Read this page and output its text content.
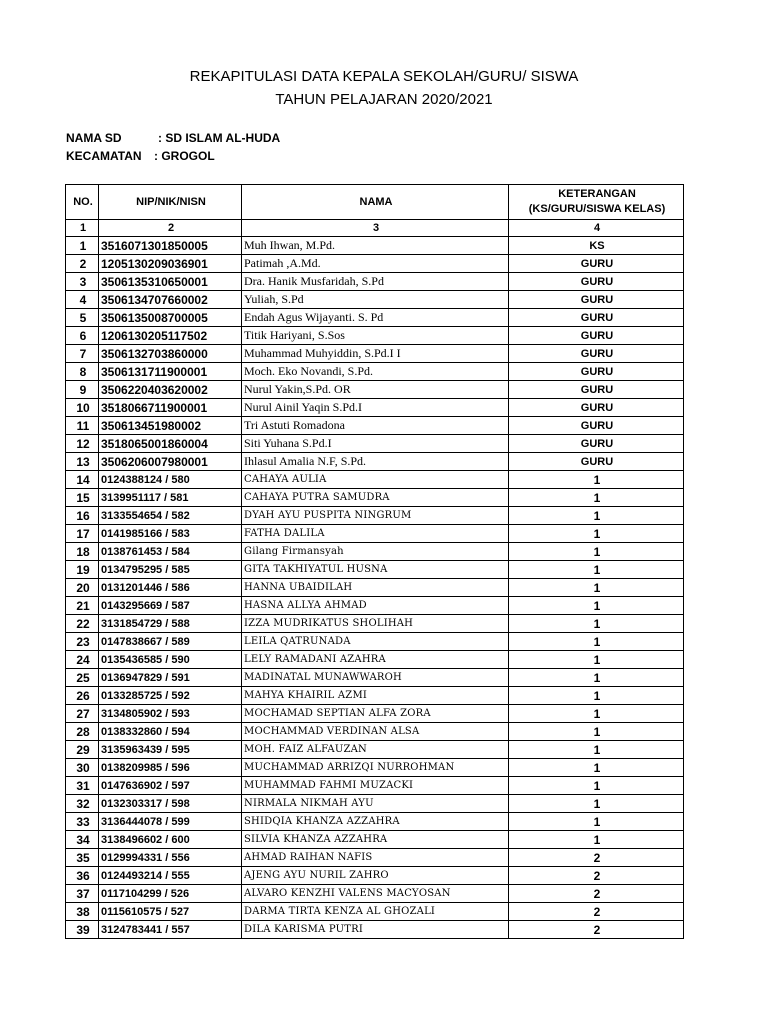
REKAPITULASI DATA KEPALA SEKOLAH/GURU/ SISWA
TAHUN PELAJARAN 2020/2021
NAMA SD	: SD ISLAM AL-HUDA
KECAMATAN : GROGOL
NO.	NIP/NIK/NISN	NAMA	KETERANGAN
(KS/GURU/SISWA KELAS)

1	2	3	4
1	3516071301850005	Muh Ihwan, M.Pd.	KS
2	1205130209036901	Patimah ,A.Md.	GURU
3	3506135310650001	Dra. Hanik Musfaridah, S.Pd	GURU
4	3506134707660002	Yuliah, S.Pd	GURU
5	3506135008700005	Endah Agus Wijayanti. S. Pd	GURU
6	1206130205117502	Titik Hariyani, S.Sos	GURU
7	3506132703860000	Muhammad Muhyiddin, S.Pd.I I	GURU
8	3506131711900001	Moch. Eko Novandi, S.Pd.	GURU
9	3506220403620002	Nurul Yakin,S.Pd. OR	GURU
10	3518066711900001	Nurul Ainil Yaqin S.Pd.I	GURU
11	350613451980002	Tri Astuti Romadona	GURU
12	3518065001860004	Siti Yuhana S.Pd.I	GURU
13	3506206007980001	Ihlasul Amalia N.F, S.Pd.	GURU
14	0124388124 / 580	CAHAYA AULIA	1
15	3139951117 / 581	CAHAYA PUTRA SAMUDRA	1
16	3133554654 / 582	DYAH AYU PUSPITA NINGRUM	1
17	0141985166 / 583	FATHA DALILA	1
18	0138761453 / 584	Gilang Firmansyah	1
19	0134795295 / 585	GITA TAKHIYATUL HUSNA	1
20	0131201446 / 586	HANNA UBAIDILAH	1
21	0143295669 / 587	HASNA ALLYA AHMAD	1
22	3131854729 / 588	IZZA MUDRIKATUS SHOLIHAH	1
23	0147838667 / 589	LEILA QATRUNADA	1
24	0135436585 / 590	LELY RAMADANI AZAHRA	1
25	0136947829 / 591	MADINATAL MUNAWWAROH	1
26	0133285725 / 592	MAHYA KHAIRIL AZMI	1
27	3134805902 / 593	MOCHAMAD SEPTIAN ALFA ZORA	1
28	0138332860 / 594	MOCHAMMAD VERDINAN ALSA	1
29	3135963439 / 595	MOH. FAIZ ALFAUZAN	1
30	0138209985 / 596	MUCHAMMAD ARRIZQI NURROHMAN	1
31	0147636902 / 597	MUHAMMAD FAHMI MUZACKI	1
32	0132303317 / 598	NIRMALA NIKMAH AYU	1
33	3136444078 / 599	SHIDQIA KHANZA AZZAHRA	1
34	3138496602 / 600	SILVIA KHANZA AZZAHRA	1
35	0129994331 / 556	AHMAD RAIHAN NAFIS	2
36	0124493214 / 555	AJENG AYU NURIL ZAHRO	2
37	0117104299 / 526	ALVARO KENZHI VALENS MACYOSAN	2
38	0115610575 / 527	DARMA TIRTA KENZA AL GHOZALI	2
39	3124783441 / 557	DILA KARISMA PUTRI	2
